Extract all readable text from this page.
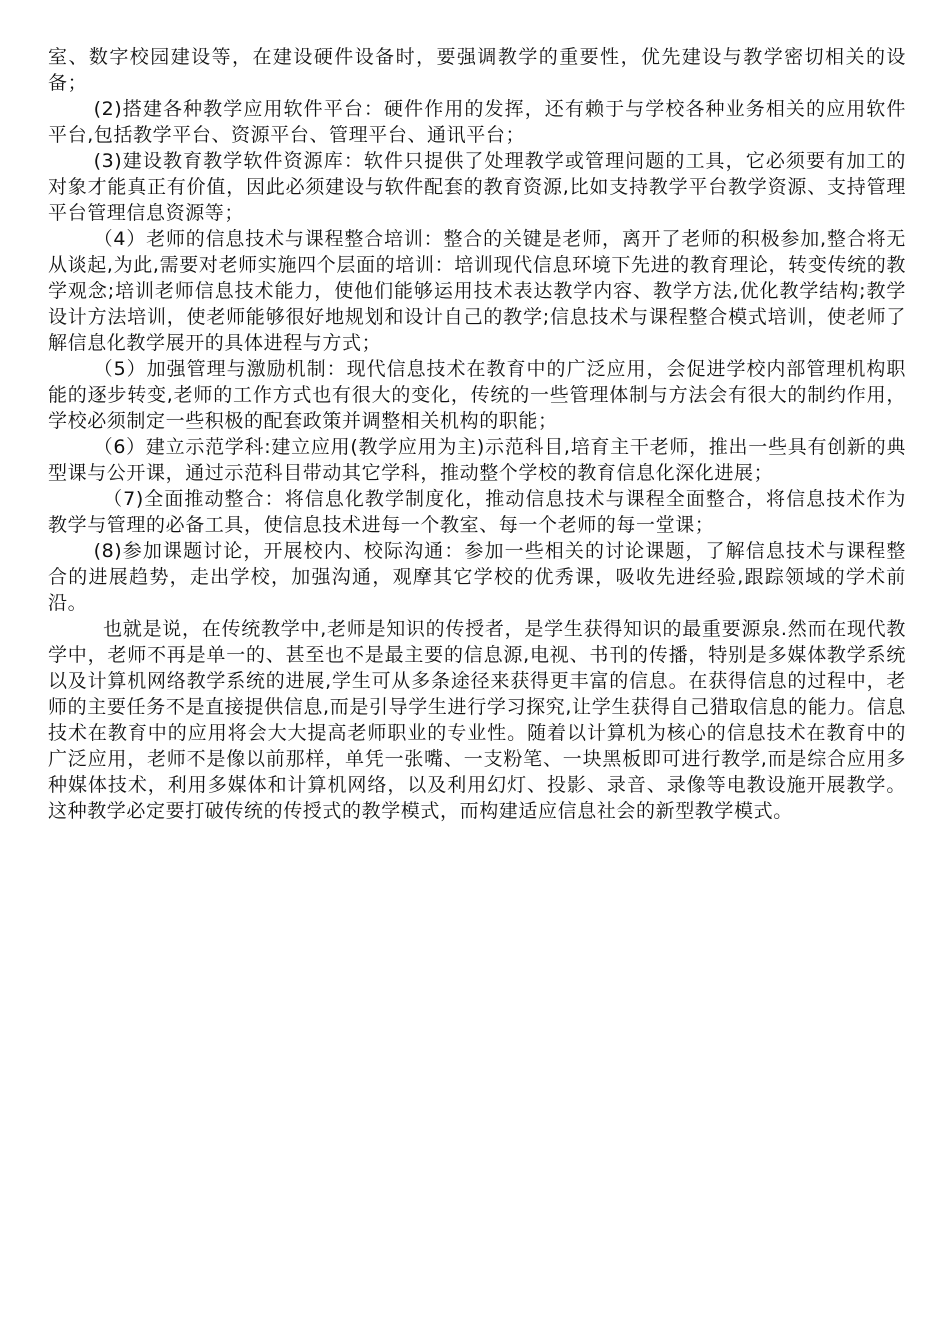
室、数字校园建设等，在建设硬件设备时，要强调教学的重要性，优先建设与教学密切相关的设备；

(2)搭建各种教学应用软件平台：硬件作用的发挥，还有赖于与学校各种业务相关的应用软件平台,包括教学平台、资源平台、管理平台、通讯平台；

(3)建设教育教学软件资源库：软件只提供了处理教学或管理问题的工具，它必须要有加工的对象才能真正有价值，因此必须建设与软件配套的教育资源,比如支持教学平台教学资源、支持管理平台管理信息资源等；

（4）老师的信息技术与课程整合培训：整合的关键是老师，离开了老师的积极参加,整合将无从谈起,为此,需要对老师实施四个层面的培训：培训现代信息环境下先进的教育理论，转变传统的教学观念;培训老师信息技术能力，使他们能够运用技术表达教学内容、教学方法,优化教学结构;教学设计方法培训，使老师能够很好地规划和设计自己的教学;信息技术与课程整合模式培训，使老师了解信息化教学展开的具体进程与方式；

（5）加强管理与激励机制：现代信息技术在教育中的广泛应用，会促进学校内部管理机构职能的逐步转变,老师的工作方式也有很大的变化，传统的一些管理体制与方法会有很大的制约作用，学校必须制定一些积极的配套政策并调整相关机构的职能；

（6）建立示范学科:建立应用(教学应用为主)示范科目,培育主干老师，推出一些具有创新的典型课与公开课，通过示范科目带动其它学科，推动整个学校的教育信息化深化进展；

（7)全面推动整合：将信息化教学制度化，推动信息技术与课程全面整合，将信息技术作为教学与管理的必备工具，使信息技术进每一个教室、每一个老师的每一堂课；

(8)参加课题讨论，开展校内、校际沟通：参加一些相关的讨论课题，了解信息技术与课程整合的进展趋势，走出学校，加强沟通，观摩其它学校的优秀课，吸收先进经验,跟踪领域的学术前沿。

也就是说，在传统教学中,老师是知识的传授者，是学生获得知识的最重要源泉.然而在现代教学中，老师不再是单一的、甚至也不是最主要的信息源,电视、书刊的传播，特别是多媒体教学系统以及计算机网络教学系统的进展,学生可从多条途径来获得更丰富的信息。在获得信息的过程中，老师的主要任务不是直接提供信息,而是引导学生进行学习探究,让学生获得自己猎取信息的能力。信息技术在教育中的应用将会大大提高老师职业的专业性。随着以计算机为核心的信息技术在教育中的广泛应用，老师不是像以前那样，单凭一张嘴、一支粉笔、一块黑板即可进行教学,而是综合应用多种媒体技术，利用多媒体和计算机网络，以及利用幻灯、投影、录音、录像等电教设施开展教学。这种教学必定要打破传统的传授式的教学模式，而构建适应信息社会的新型教学模式。
